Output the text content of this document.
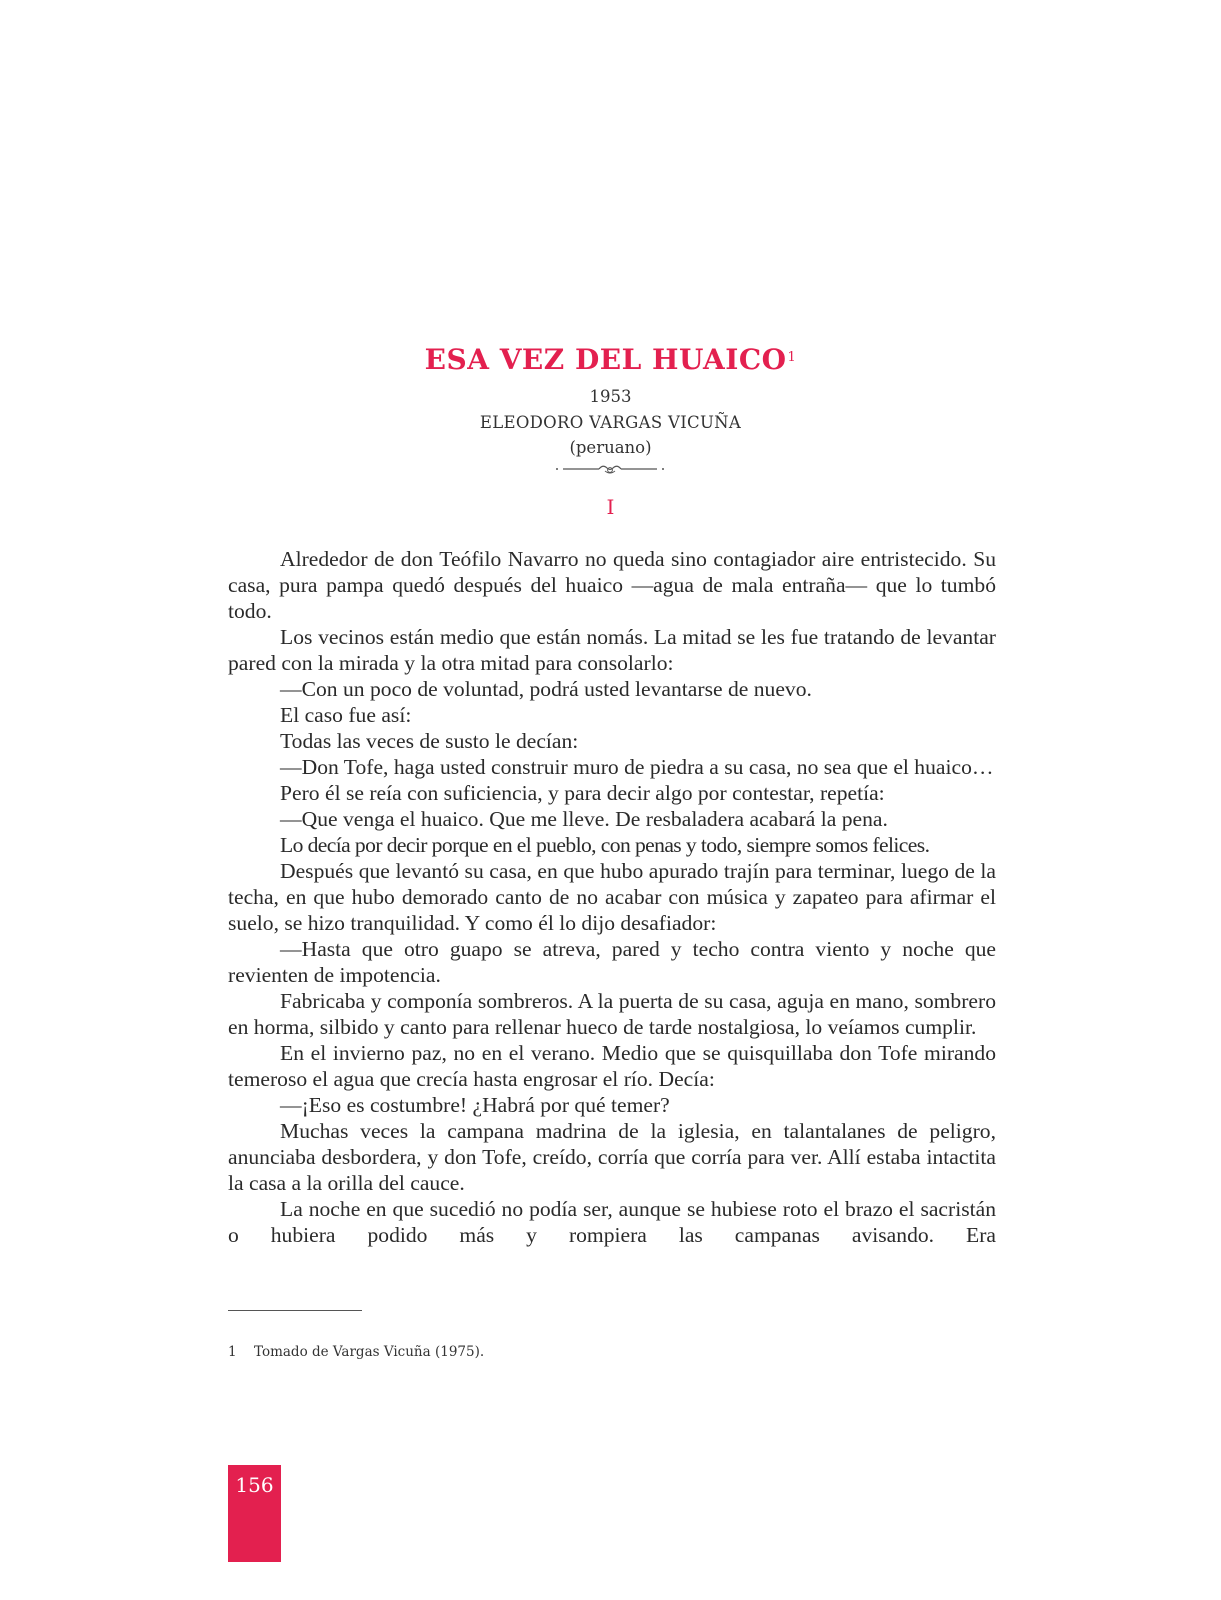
ESA VEZ DEL HUAICO$^1$
1953
ELEODORO VARGAS VICUÑA
(peruano)
I

Alrededor de don Teófilo Navarro no queda sino contagiador aire entristecido. Su casa, pura pampa quedó después del huaico —agua de mala entraña— que lo tumbó todo.

Los vecinos están medio que están nomás. La mitad se les fue tratando de levantar pared con la mirada y la otra mitad para consolarlo:

—Con un poco de voluntad, podrá usted levantarse de nuevo.

El caso fue así:

Todas las veces de susto le decían:

—Don Tofe, haga usted construir muro de piedra a su casa, no sea que el huaico…

Pero él se reía con suficiencia, y para decir algo por contestar, repetía:

—Que venga el huaico. Que me lleve. De resbaladera acabará la pena.

Lo decía por decir porque en el pueblo, con penas y todo, siempre somos felices.

Después que levantó su casa, en que hubo apurado trajín para terminar, luego de la techa, en que hubo demorado canto de no acabar con música y zapateo para afirmar el suelo, se hizo tranquilidad. Y como él lo dijo desafiador:

—Hasta que otro guapo se atreva, pared y techo contra viento y noche que revienten de impotencia.

Fabricaba y componía sombreros. A la puerta de su casa, aguja en mano, sombrero en horma, silbido y canto para rellenar hueco de tarde nostalgiosa, lo veíamos cumplir.

En el invierno paz, no en el verano. Medio que se quisquillaba don Tofe mirando temeroso el agua que crecía hasta engrosar el río. Decía:

—¡Eso es costumbre! ¿Habrá por qué temer?

Muchas veces la campana madrina de la iglesia, en talantalanes de peligro, anunciaba desbordera, y don Tofe, creído, corría que corría para ver. Allí estaba intactita la casa a la orilla del cauce.

La noche en que sucedió no podía ser, aunque se hubiese roto el brazo el sacristán o hubiera podido más y rompiera las campanas avisando. Era

1 Tomado de Vargas Vicuña (1975).
156
